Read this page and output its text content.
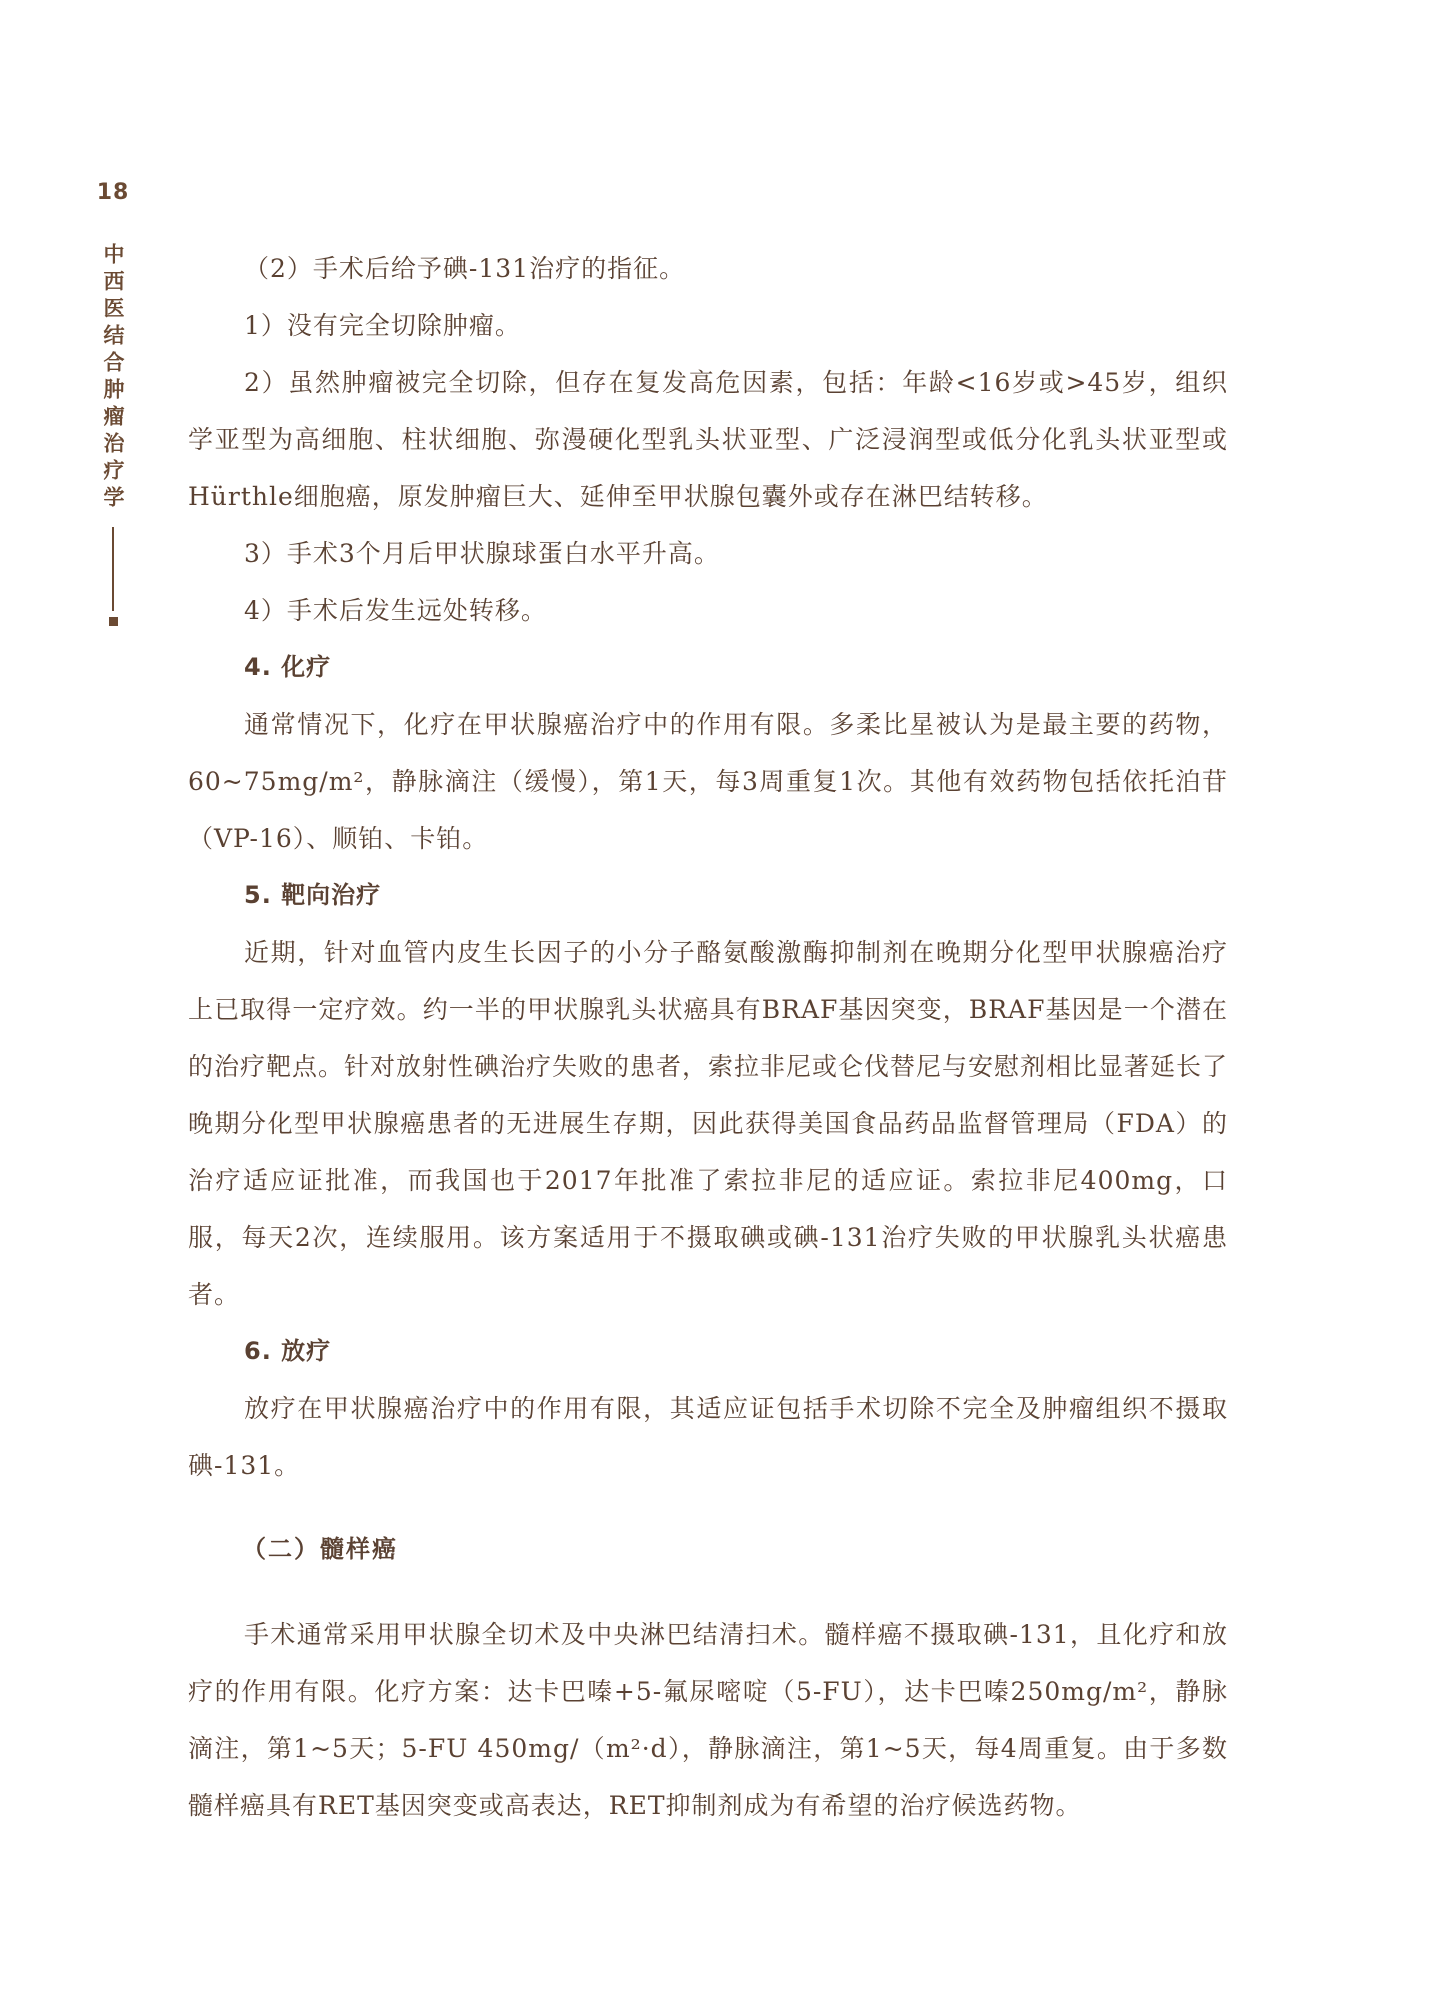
18
中西医结合肿瘤治疗学	（2）手术后给予碘-131治疗的指征。

1）没有完全切除肿瘤。

2）虽然肿瘤被完全切除，但存在复发高危因素，包括：年龄<16岁或>45岁，组织学亚型为高细胞、柱状细胞、弥漫硬化型乳头状亚型、广泛浸润型或低分化乳头状亚型或Hürthle细胞癌，原发肿瘤巨大、延伸至甲状腺包囊外或存在淋巴结转移。

3）手术3个月后甲状腺球蛋白水平升高。

4）手术后发生远处转移。

4. 化疗

通常情况下，化疗在甲状腺癌治疗中的作用有限。多柔比星被认为是最主要的药物，60~75mg/m²，静脉滴注（缓慢），第1天，每3周重复1次。其他有效药物包括依托泊苷（VP-16）、顺铂、卡铂。

5. 靶向治疗

近期，针对血管内皮生长因子的小分子酪氨酸激酶抑制剂在晚期分化型甲状腺癌治疗上已取得一定疗效。约一半的甲状腺乳头状癌具有BRAF基因突变，BRAF基因是一个潜在的治疗靶点。针对放射性碘治疗失败的患者，索拉非尼或仑伐替尼与安慰剂相比显著延长了晚期分化型甲状腺癌患者的无进展生存期，因此获得美国食品药品监督管理局（FDA）的治疗适应证批准，而我国也于2017年批准了索拉非尼的适应证。索拉非尼400mg，口服，每天2次，连续服用。该方案适用于不摄取碘或碘-131治疗失败的甲状腺乳头状癌患者。

6. 放疗

放疗在甲状腺癌治疗中的作用有限，其适应证包括手术切除不完全及肿瘤组织不摄取碘-131。

（二）髓样癌

手术通常采用甲状腺全切术及中央淋巴结清扫术。髓样癌不摄取碘-131，且化疗和放疗的作用有限。化疗方案：达卡巴嗪+5-氟尿嘧啶（5-FU），达卡巴嗪250mg/m²，静脉滴注，第1~5天；5-FU 450mg/（m²·d），静脉滴注，第1~5天，每4周重复。由于多数髓样癌具有RET基因突变或高表达，RET抑制剂成为有希望的治疗候选药物。
